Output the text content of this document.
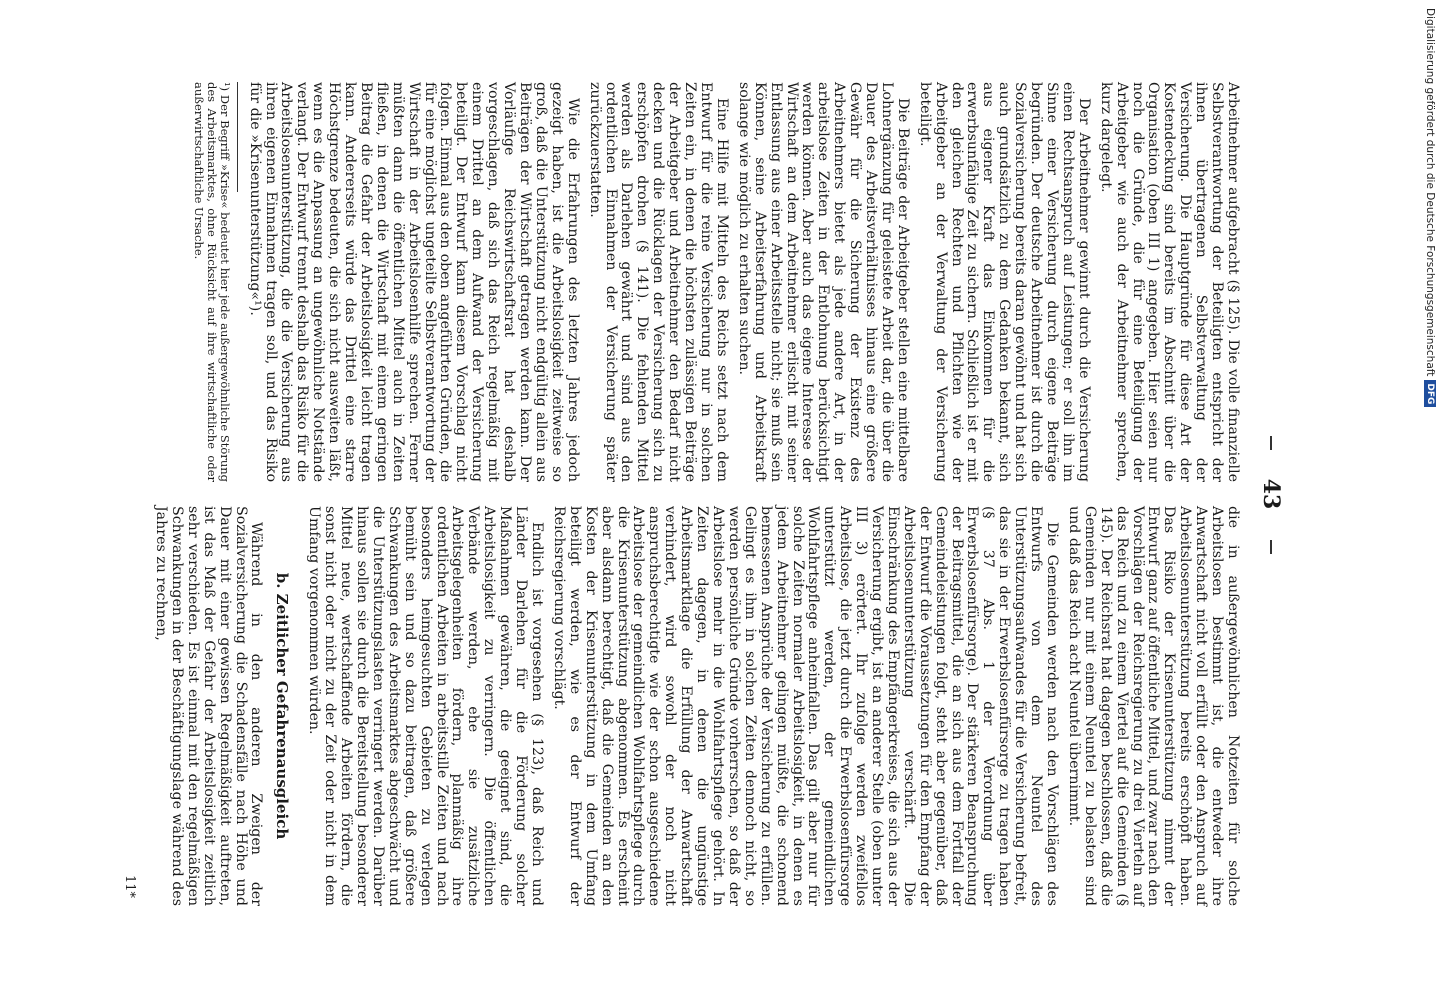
43

Arbeitnehmer aufgebracht (§ 125). Die volle finanzielle Selbstverantwortung der Beteiligten entspricht der ihnen übertragenen Selbstverwaltung der Versicherung. Die Hauptgründe für diese Art der Kostendeckung sind bereits im Abschnitt über die Organisation (oben III 1) angegeben. Hier seien nur noch die Gründe, die für eine Beteiligung der Arbeitgeber wie auch der Arbeitnehmer sprechen, kurz dargelegt.

Der Arbeitnehmer gewinnt durch die Versicherung einen Rechtsanspruch auf Leistungen; er soll ihn im Sinne einer Versicherung durch eigene Beiträge begründen. Der deutsche Arbeitnehmer ist durch die Sozialversicherung bereits daran gewöhnt und hat sich auch grundsätzlich zu dem Gedanken bekannt, sich aus eigener Kraft das Einkommen für die erwerbsunfähige Zeit zu sichern. Schließlich ist er mit den gleichen Rechten und Pflichten wie der Arbeitgeber an der Verwaltung der Versicherung beteiligt.

Die Beiträge der Arbeitgeber stellen eine mittelbare Lohnergänzung für geleistete Arbeit dar, die über die Dauer des Arbeitsverhältnisses hinaus eine größere Gewähr für die Sicherung der Existenz des Arbeitnehmers bietet als jede andere Art, in der arbeitslose Zeiten in der Entlohnung berücksichtigt werden können. Aber auch das eigene Interesse der Wirtschaft an dem Arbeitnehmer erlischt mit seiner Entlassung aus einer Arbeitsstelle nicht; sie muß sein Können, seine Arbeitserfahrung und Arbeitskraft solange wie möglich zu erhalten suchen.

Eine Hilfe mit Mitteln des Reichs setzt nach dem Entwurf für die reine Versicherung nur in solchen Zeiten ein, in denen die höchsten zulässigen Beiträge der Arbeitgeber und Arbeitnehmer den Bedarf nicht decken und die Rücklagen der Versicherung sich zu erschöpfen drohen (§ 141). Die fehlenden Mittel werden als Darlehen gewährt und sind aus den ordentlichen Einnahmen der Versicherung später zurückzuerstatten.

Wie die Erfahrungen des letzten Jahres jedoch gezeigt haben, ist die Arbeitslosigkeit zeitweise so groß, daß die Unterstützung nicht endgültig allein aus Beiträgen der Wirtschaft getragen werden kann. Der Vorläufige Reichswirtschaftsrat hat deshalb vorgeschlagen, daß sich das Reich regelmäßig mit einem Drittel an dem Aufwand der Versicherung beteiligt. Der Entwurf kann diesem Vorschlag nicht folgen. Einmal aus den oben angeführten Gründen, die für eine möglichst ungeteilte Selbstverantwortung der Wirtschaft in der Arbeitslosenhilfe sprechen. Ferner müßten dann die öffentlichen Mittel auch in Zeiten fließen, in denen die Wirtschaft mit einem geringen Beitrag die Gefahr der Arbeitslosigkeit leicht tragen kann. Andererseits würde das Drittel eine starre Höchstgrenze bedeuten, die sich nicht ausweiten läßt, wenn es die Anpassung an ungewöhnliche Notstände verlangt. Der Entwurf trennt deshalb das Risiko für die Arbeitslosenunterstützung, die die Versicherung aus ihren eigenen Einnahmen tragen soll, und das Risiko für die »Krisenunterstützung«¹).

¹) Der Begriff »Krise« bedeutet hier jede außergewöhnliche Störung des Arbeitsmarktes, ohne Rücksicht auf ihre wirtschaftliche oder außerwirtschaftliche Ursache.

die in außergewöhnlichen Notzeiten für solche Arbeitslosen bestimmt ist, die entweder ihre Anwartschaft nicht voll erfüllt oder den Anspruch auf Arbeitslosenunterstützung bereits erschöpft haben. Das Risiko der Krisenunterstützung nimmt der Entwurf ganz auf öffentliche Mittel, und zwar nach den Vorschlägen der Reichsregierung zu drei Vierteln auf das Reich und zu einem Viertel auf die Gemeinden (§ 145). Der Reichsrat hat dagegen beschlossen, daß die Gemeinden nur mit einem Neuntel zu belasten sind und daß das Reich acht Neuntel übernimmt.

Die Gemeinden werden nach den Vorschlägen des Entwurfs von dem Neuntel des Unterstützungsaufwandes für die Versicherung befreit, das sie in der Erwerbslosenfürsorge zu tragen haben (§ 37 Abs. 1 der Verordnung über Erwerbslosenfürsorge). Der stärkeren Beanspruchung der Beitragsmittel, die an sich aus dem Fortfall der Gemeindeleistungen folgt, steht aber gegenüber, daß der Entwurf die Voraussetzungen für den Empfang der Arbeitslosenunterstützung verschärft. Die Einschränkung des Empfängerkreises, die sich aus der Versicherung ergibt, ist an anderer Stelle (oben unter III 3) erörtert. Ihr zufolge werden zweifellos Arbeitslose, die jetzt durch die Erwerbslosenfürsorge unterstützt werden, der gemeindlichen Wohlfahrtspflege anheimfallen. Das gilt aber nur für solche Zeiten normaler Arbeitslosigkeit, in denen es jedem Arbeitnehmer gelingen müßte, die schonend bemessenen Ansprüche der Versicherung zu erfüllen. Gelingt es ihm in solchen Zeiten dennoch nicht, so werden persönliche Gründe vorherrschen, so daß der Arbeitslose mehr in die Wohlfahrtspflege gehört. In Zeiten dagegen, in denen die ungünstige Arbeitsmarktlage die Erfüllung der Anwartschaft verhindert, wird sowohl der noch nicht anspruchsberechtigte wie der schon ausgeschiedene Arbeitslose der gemeindlichen Wohlfahrtspflege durch die Krisenunterstützung abgenommen. Es erscheint aber alsdann berechtigt, daß die Gemeinden an den Kosten der Krisenunterstützung in dem Umfang beteiligt werden, wie es der Entwurf der Reichsregierung vorschlägt.

Endlich ist vorgesehen (§ 123), daß Reich und Länder Darlehen für die Förderung solcher Maßnahmen gewähren, die geeignet sind, die Arbeitslosigkeit zu verringern. Die öffentlichen Verbände werden, ehe sie zusätzliche Arbeitsgelegenheiten fördern, planmäßig ihre ordentlichen Arbeiten in arbeitsstille Zeiten und nach besonders heimgesuchten Gebieten zu verlegen bemüht sein und so dazu beitragen, daß größere Schwankungen des Arbeitsmarktes abgeschwächt und die Unterstützungslasten verringert werden. Darüber hinaus sollen sie durch die Bereitstellung besonderer Mittel neue, wertschaffende Arbeiten fördern, die sonst nicht oder nicht zu der Zeit oder nicht in dem Umfang vorgenommen würden.

b. Zeitlicher Gefahrenausgleich

Während in den anderen Zweigen der Sozialversicherung die Schadensfälle nach Höhe und Dauer mit einer gewissen Regelmäßigkeit auftreten, ist das Maß der Gefahr der Arbeitslosigkeit zeitlich sehr verschieden. Es ist einmal mit den regelmäßigen Schwankungen in der Beschäftigungslage während des Jahres zu rechnen,

11*
Digitalisierung gefördert durch die Deutsche Forschungsgemeinschaft
DFG
